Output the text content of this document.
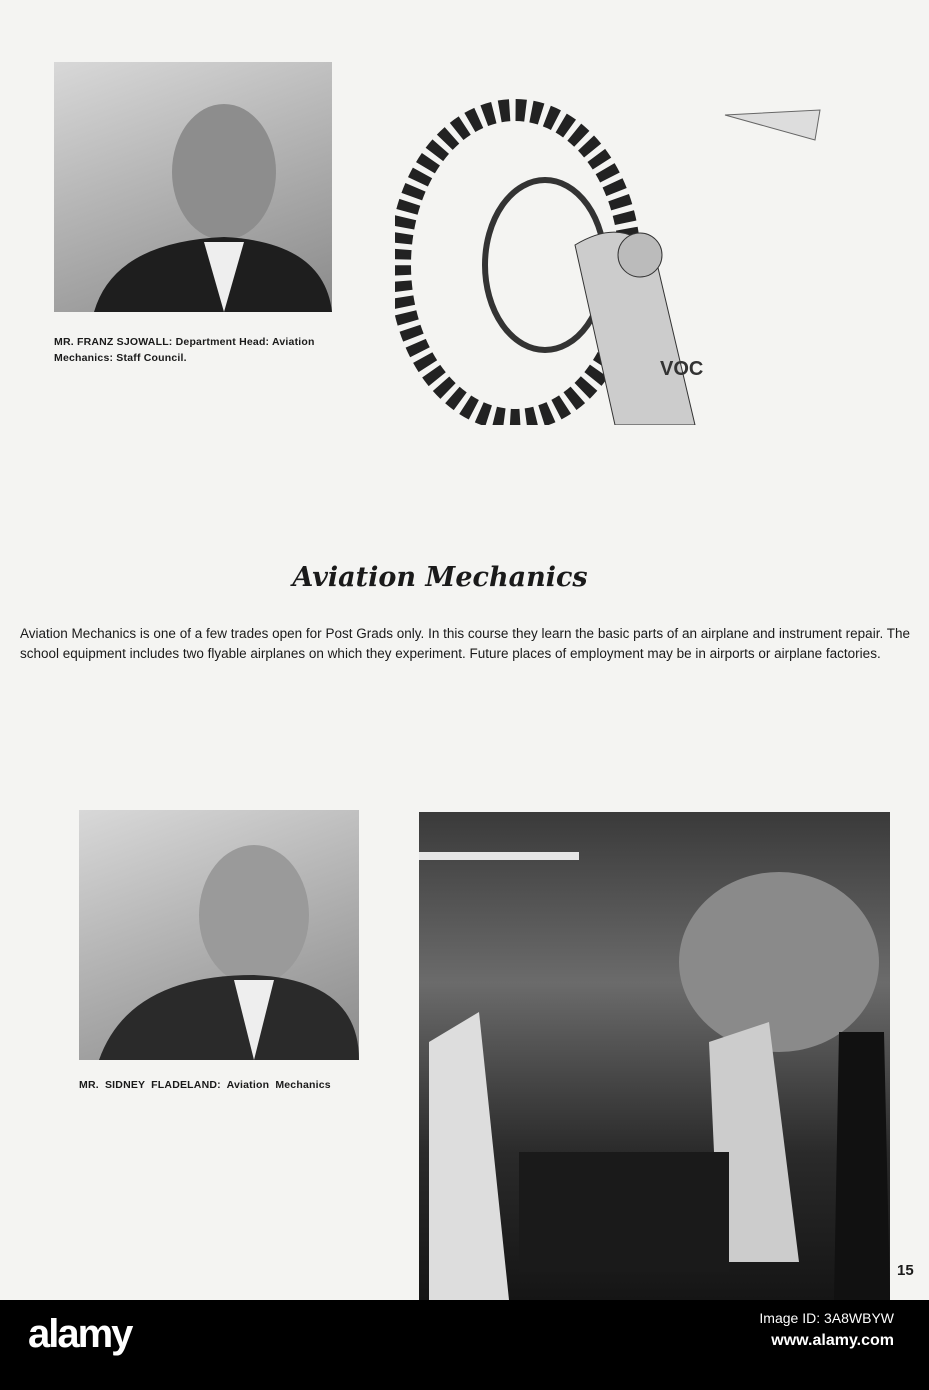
MR. FRANZ SJOWALL: Department Head: Aviation Mechanics: Staff Council.	VOC
Aviation Mechanics
Aviation Mechanics is one of a few trades open for Post Grads only. In this course they learn the basic parts of an airplane and instrument repair. The school equipment includes two flyable airplanes on which they experiment. Future places of employment may be in airports or airplane factories.
MR. SIDNEY FLADELAND: Aviation Mechanics
15
alamy	Image ID: 3A8WBYW
www.alamy.com
